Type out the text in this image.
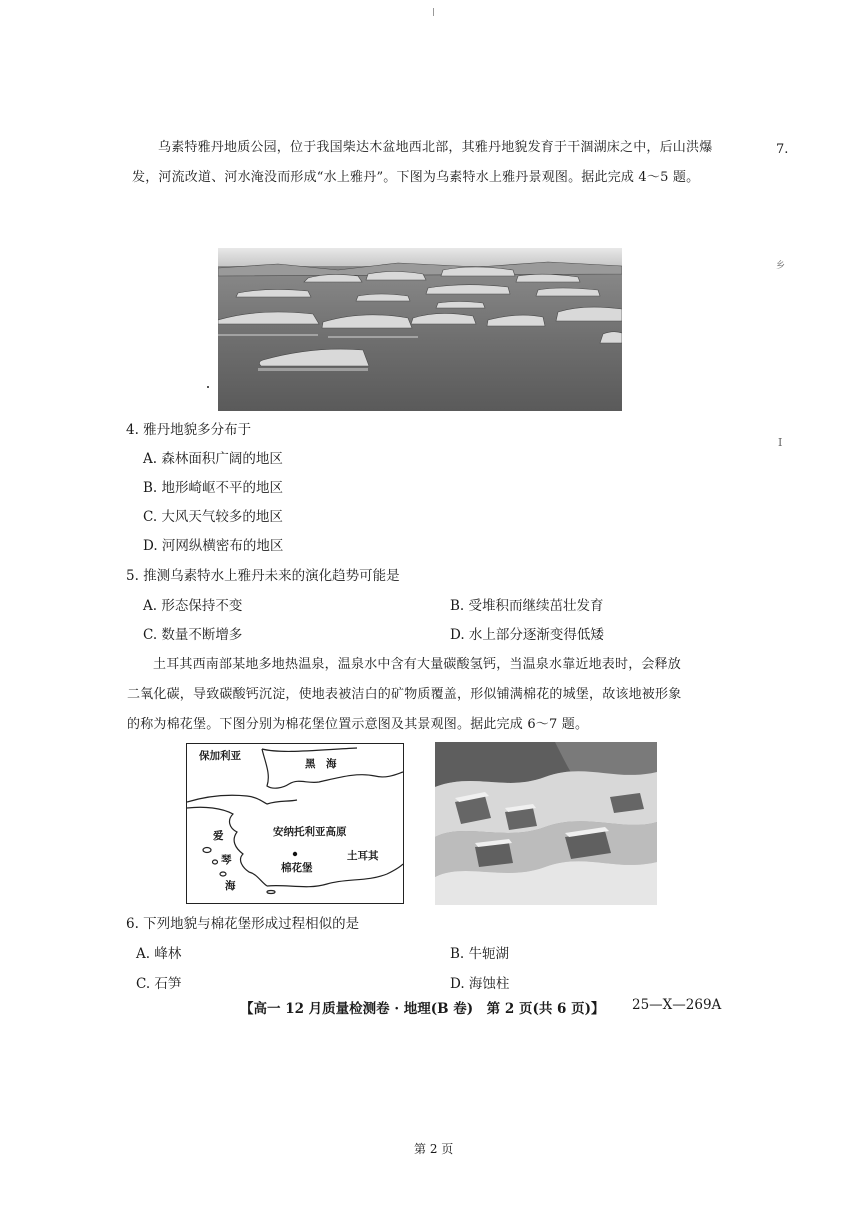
乌素特雅丹地质公园，位于我国柴达木盆地西北部，其雅丹地貌发育于干涸湖床之中，后山洪爆
发，河流改道、河水淹没而形成“水上雅丹”。下图为乌素特水上雅丹景观图。据此完成 4～5 题。
7.
乡
I
4. 雅丹地貌多分布于
A. 森林面积广阔的地区
B. 地形崎岖不平的地区
C. 大风天气较多的地区
D. 河网纵横密布的地区
5. 推测乌素特水上雅丹未来的演化趋势可能是
A. 形态保持不变	B. 受堆积而继续茁壮发育
C. 数量不断增多	D. 水上部分逐渐变得低矮
土耳其西南部某地多地热温泉，温泉水中含有大量碳酸氢钙，当温泉水靠近地表时，会释放
二氧化碳，导致碳酸钙沉淀，使地表被洁白的矿物质覆盖，形似铺满棉花的城堡，故该地被形象
的称为棉花堡。下图分别为棉花堡位置示意图及其景观图。据此完成 6～7 题。
保加利亚
黑　海
安纳托利亚高原
爱
琴
海
棉花堡
土耳其
6. 下列地貌与棉花堡形成过程相似的是
A. 峰林	B. 牛轭湖
C. 石笋	D. 海蚀柱
【高一 12 月质量检测卷 · 地理(B 卷)　第 2 页(共 6 页)】 25—X—269A
第 2 页
